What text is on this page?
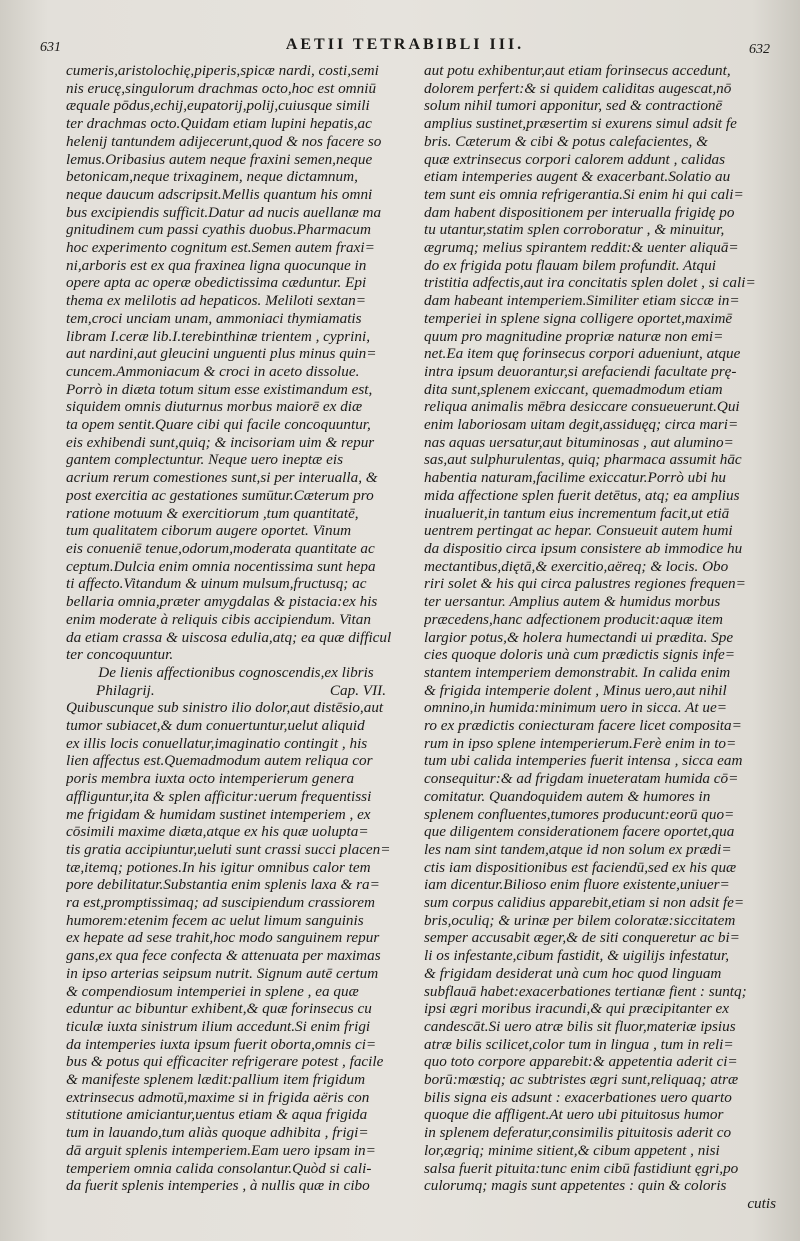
631	AETII TETRABIBLI III.	632

cumeris,aristolochię,piperis,spicæ nardi, costi,semi

nis erucę,singulorum drachmas octo,hoc est omniū

æquale pōdus,echij,eupatorij,polij,cuiusque simili

ter drachmas octo.Quidam etiam lupini hepatis,ac

helenij tantundem adijecerunt,quod & nos facere so

lemus.Oribasius autem neque fraxini semen,neque

betonicam,neque trixaginem, neque dictamnum,

neque daucum adscripsit.Mellis quantum his omni

bus excipiendis sufficit.Datur ad nucis auellanæ ma

gnitudinem cum passi cyathis duobus.Pharmacum

hoc experimento cognitum est.Semen autem fraxi=

ni,arboris est ex qua fraxinea ligna quocunque in

opere apta ac operæ obedictissima cæduntur. Epi

thema ex melilotis ad hepaticos. Meliloti sextan=

tem,croci unciam unam, ammoniaci thymiamatis

libram I.ceræ lib.I.terebinthinæ trientem , cyprini,

aut nardini,aut gleucini unguenti plus minus quin=

cuncem.Ammoniacum & croci in aceto dissolue.

Porrò in diæta totum situm esse existimandum est,

siquidem omnis diuturnus morbus maiorē ex diæ

ta opem sentit.Quare cibi qui facile concoquuntur,

eis exhibendi sunt,quiq; & incisoriam uim & repur

gantem complectuntur. Neque uero ineptæ eis

acrium rerum comestiones sunt,si per interualla, &

post exercitia ac gestationes sumūtur.Cæterum pro

ratione motuum & exercitiorum ,tum quantitatē,

tum qualitatem ciborum augere oportet. Vinum

eis conueniē tenue,odorum,moderata quantitate ac

ceptum.Dulcia enim omnia nocentissima sunt hepa

ti affecto.Vitandum & uinum mulsum,fructusq; ac

bellaria omnia,præter amygdalas & pistacia:ex his

enim moderate à reliquis cibis accipiendum. Vitan

da etiam crassa & uiscosa edulia,atq; ea quæ difficul

ter concoquuntur.

De lienis affectionibus cognoscendis,ex libris

Cap. VII.
Philagrij.

Quibuscunque sub sinistro ilio dolor,aut distēsio,aut

tumor subiacet,& dum conuertuntur,uelut aliquid

ex illis locis conuellatur,imaginatio contingit , his

lien affectus est.Quemadmodum autem reliqua cor

poris membra iuxta octo intemperierum genera

affliguntur,ita & splen afficitur:uerum frequentissi

me frigidam & humidam sustinet intemperiem , ex

cōsimili maxime diæta,atque ex his quæ uolupta=

tis gratia accipiuntur,ueluti sunt crassi succi placen=

tæ,itemq; potiones.In his igitur omnibus calor tem

pore debilitatur.Substantia enim splenis laxa & ra=

ra est,promptissimaq; ad suscipiendum crassiorem

humorem:etenim fecem ac uelut limum sanguinis

ex hepate ad sese trahit,hoc modo sanguinem repur

gans,ex qua fece confecta & attenuata per maximas

in ipso arterias seipsum nutrit. Signum autē certum

& compendiosum intemperiei in splene , ea quæ

eduntur ac bibuntur exhibent,& quæ forinsecus cu

ticulæ iuxta sinistrum ilium accedunt.Si enim frigi

da intemperies iuxta ipsum fuerit oborta,omnis ci=

bus & potus qui efficaciter refrigerare potest , facile

& manifeste splenem lædit:pallium item frigidum

extrinsecus admotū,maxime si in frigida aëris con

stitutione amiciantur,uentus etiam & aqua frigida

tum in lauando,tum aliàs quoque adhibita , frigi=

dā arguit splenis intemperiem.Eam uero ipsam in=

temperiem omnia calida consolantur.Quòd si cali-

da fuerit splenis intemperies , à nullis quæ in cibo

aut potu exhibentur,aut etiam forinsecus accedunt,

dolorem perfert:& si quidem caliditas augescat,nō

solum nihil tumori apponitur, sed & contractionē

amplius sustinet,præsertim si exurens simul adsit fe

bris. Cæterum & cibi & potus calefacientes, &

quæ extrinsecus corpori calorem addunt , calidas

etiam intemperies augent & exacerbant.Solatio au

tem sunt eis omnia refrigerantia.Si enim hi qui cali=

dam habent dispositionem per interualla frigidę po

tu utantur,statim splen corroboratur , & minuitur,

ægrumq; melius spirantem reddit:& uenter aliquā=

do ex frigida potu flauam bilem profundit. Atqui

tristitia adfectis,aut ira concitatis splen dolet , si cali=

dam habeant intemperiem.Similiter etiam siccæ in=

temperiei in splene signa colligere oportet,maximē

quum pro magnitudine propriæ naturæ non emi=

net.Ea item quę forinsecus corpori adueniunt, atque

intra ipsum deuorantur,si arefaciendi facultate prę-

dita sunt,splenem exiccant, quemadmodum etiam

reliqua animalis mēbra desiccare consueuerunt.Qui

enim laboriosam uitam degit,assiduęq; circa mari=

nas aquas uersatur,aut bituminosas , aut alumino=

sas,aut sulphurulentas, quiq; pharmaca assumit hāc

habentia naturam,facilime exiccatur.Porrò ubi hu

mida affectione splen fuerit detētus, atq; ea amplius

inualuerit,in tantum eius incrementum facit,ut etiā

uentrem pertingat ac hepar. Consueuit autem humi

da dispositio circa ipsum consistere ab immodice hu

mectantibus,diętā,& exercitio,aëreq; & locis. Obo

riri solet & his qui circa palustres regiones frequen=

ter uersantur. Amplius autem & humidus morbus

præcedens,hanc adfectionem producit:aquæ item

largior potus,& holera humectandi ui prædita. Spe

cies quoque doloris unà cum prædictis signis infe=

stantem intemperiem demonstrabit. In calida enim

& frigida intemperie dolent , Minus uero,aut nihil

omnino,in humida:minimum uero in sicca. At ue=

ro ex prædictis coniecturam facere licet composita=

rum in ipso splene intemperierum.Ferè enim in to=

tum ubi calida intemperies fuerit intensa , sicca eam

consequitur:& ad frigdam inueteratam humida cō=

comitatur. Quandoquidem autem & humores in

splenem confluentes,tumores producunt:eorū quo=

que diligentem considerationem facere oportet,qua

les nam sint tandem,atque id non solum ex prædi=

ctis iam dispositionibus est faciendū,sed ex his quæ

iam dicentur.Bilioso enim fluore existente,uniuer=

sum corpus calidius apparebit,etiam si non adsit fe=

bris,oculiq; & urinæ per bilem coloratæ:siccitatem

semper accusabit æger,& de siti conqueretur ac bi=

li os infestante,cibum fastidit, & uigilijs infestatur,

& frigidam desiderat unà cum hoc quod linguam

subflauā habet:exacerbationes tertianæ fient : suntq;

ipsi ægri moribus iracundi,& qui præcipitanter ex

candescāt.Si uero atræ bilis sit fluor,materiæ ipsius

atræ bilis scilicet,color tum in lingua , tum in reli=

quo toto corpore apparebit:& appetentia aderit ci=

borū:mœstiq; ac subtristes ægri sunt,reliquaq; atræ

bilis signa eis adsunt : exacerbationes uero quarto

quoque die affligent.At uero ubi pituitosus humor

in splenem deferatur,consimilis pituitosis aderit co

lor,ægriq; minime sitient,& cibum appetent , nisi

salsa fuerit pituita:tunc enim cibū fastidiunt ęgri,po

culorumq; magis sunt appetentes : quin & coloris

cutis
